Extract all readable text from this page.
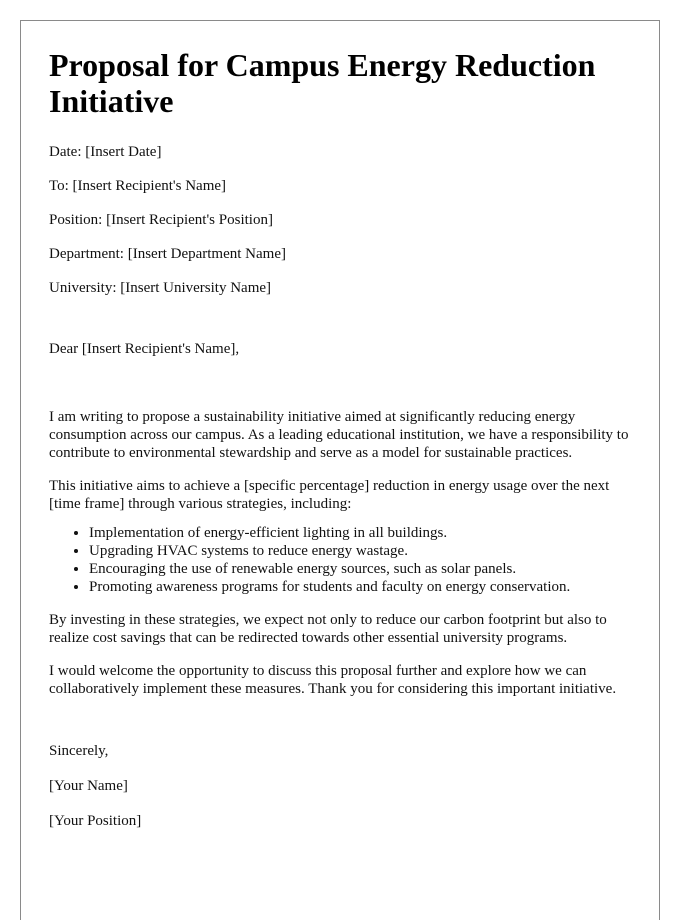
Proposal for Campus Energy Reduction Initiative

Date: [Insert Date]

To: [Insert Recipient's Name]

Position: [Insert Recipient's Position]

Department: [Insert Department Name]

University: [Insert University Name]

Dear [Insert Recipient's Name],

I am writing to propose a sustainability initiative aimed at significantly reducing energy consumption across our campus. As a leading educational institution, we have a responsibility to contribute to environmental stewardship and serve as a model for sustainable practices.

This initiative aims to achieve a [specific percentage] reduction in energy usage over the next [time frame] through various strategies, including:

• Implementation of energy-efficient lighting in all buildings.
• Upgrading HVAC systems to reduce energy wastage.
• Encouraging the use of renewable energy sources, such as solar panels.
• Promoting awareness programs for students and faculty on energy conservation.

By investing in these strategies, we expect not only to reduce our carbon footprint but also to realize cost savings that can be redirected towards other essential university programs.

I would welcome the opportunity to discuss this proposal further and explore how we can collaboratively implement these measures. Thank you for considering this important initiative.

Sincerely,

[Your Name]

[Your Position]
